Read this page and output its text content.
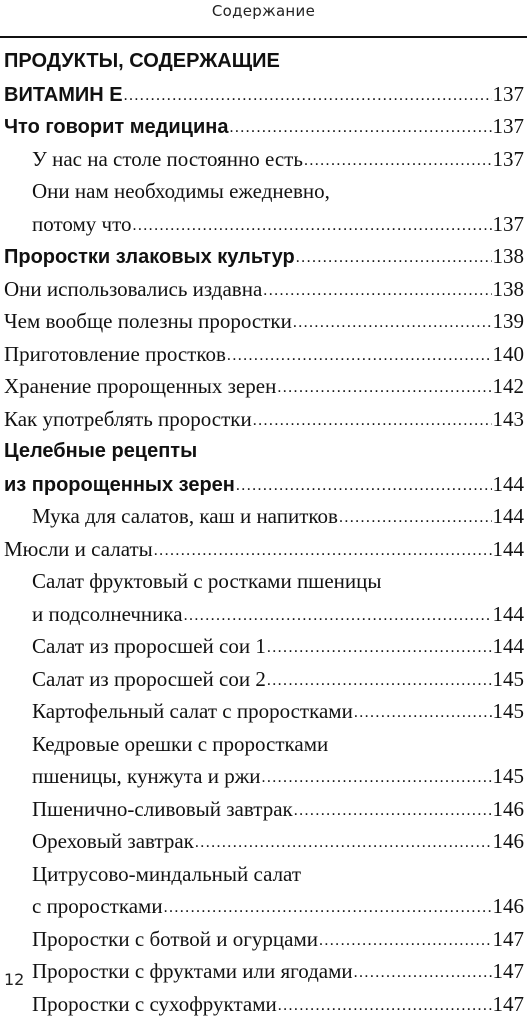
Содержание
ПРОДУКТЫ, СОДЕРЖАЩИЕ
ВИТАМИН Е .....	137
Что говорит медицина .....	137
У нас на столе постоянно есть .....	137
Они нам необходимы ежедневно,
потому что .....	137
Проростки злаковых культур .....	138
Они использовались издавна .....	138
Чем вообще полезны проростки .....	139
Приготовление простков .....	140
Хранение пророщенных зерен .....	142
Как употреблять проростки .....	143
Целебные рецепты
из пророщенных зерен .....	144
Мука для салатов, каш и напитков .....	144
Мюсли и салаты .....	144
Салат фруктовый с ростками пшеницы
и подсолнечника .....	144
Салат из проросшей сои 1 .....	144
Салат из проросшей сои 2 .....	145
Картофельный салат с проростками .....	145
Кедровые орешки с проростками
пшеницы, кунжута и ржи .....	145
Пшенично-сливовый завтрак .....	146
Ореховый завтрак .....	146
Цитрусово-миндальный салат
с проростками .....	146
Проростки с ботвой и огурцами .....	147
Проростки с фруктами или ягодами .....	147
Проростки с сухофруктами .....	147
12
